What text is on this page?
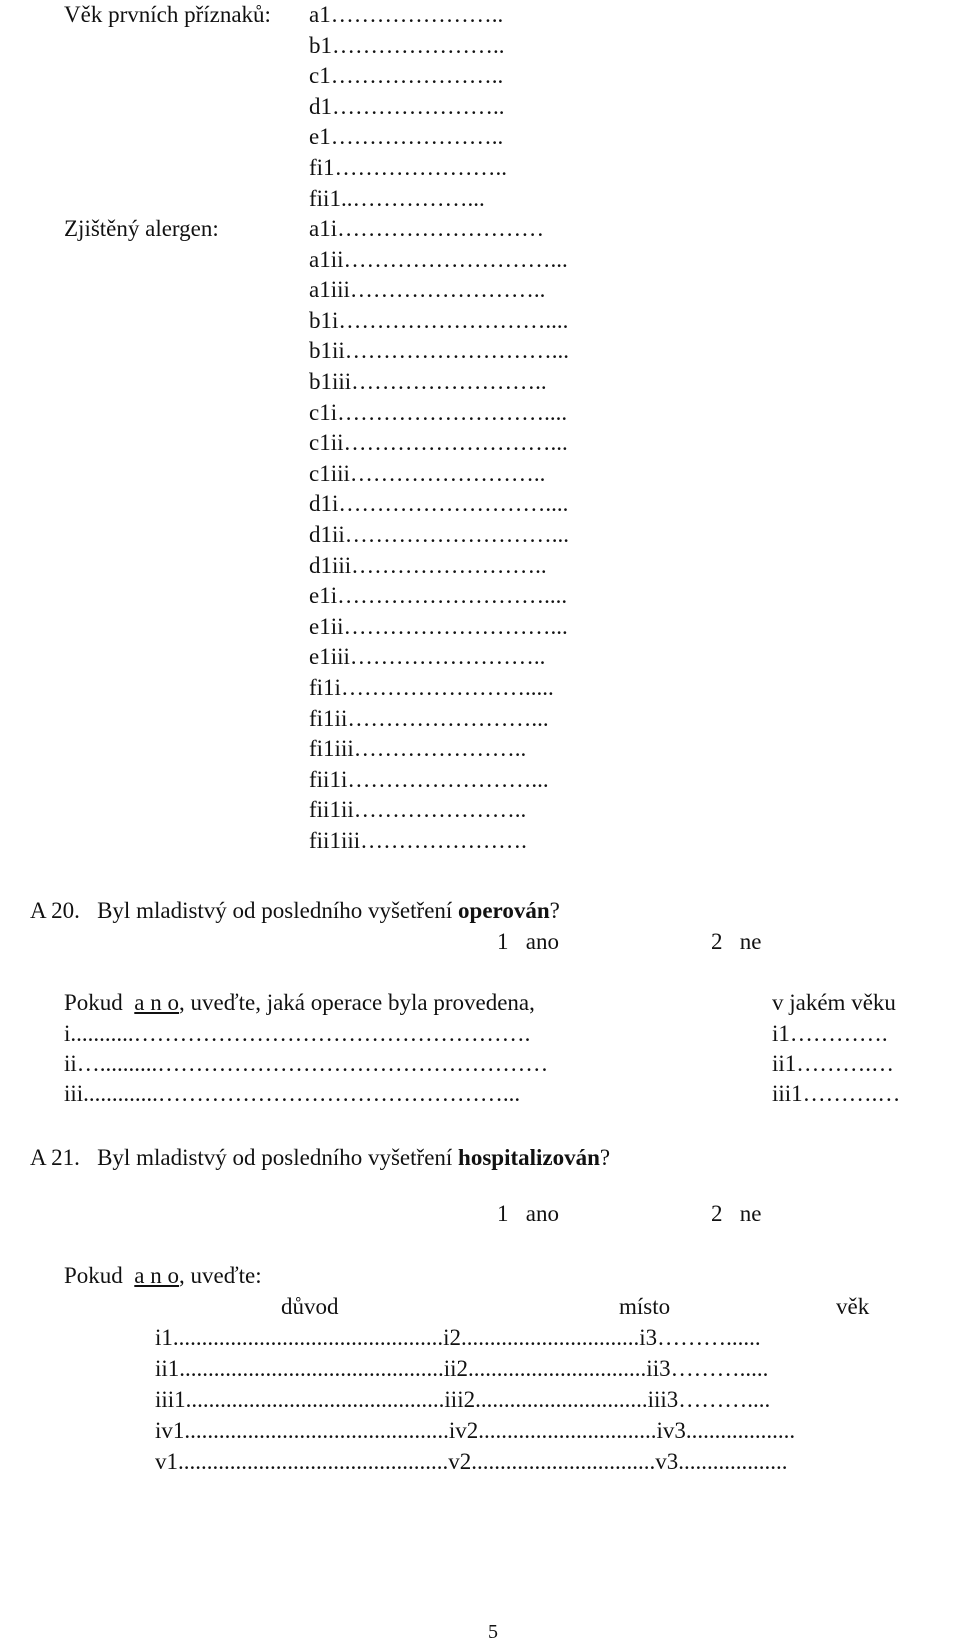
Věk prvních příznaků: a1…………………..
b1…………………..
c1…………………..
d1…………………..
e1…………………..
fi1…………………..
fii1..……………...
Zjištěný alergen:	a1i………………………
a1ii………………………...
a1iii……………………..
b1i………………………....
b1ii………………………...
b1iii……………………..
c1i………………………....
c1ii………………………...
c1iii……………………..
d1i………………………....
d1ii………………………...
d1iii……………………..
e1i………………………....
e1ii………………………...
e1iii……………………..
fi1i…………………….....
fi1ii……………………...
fi1iii…………………..
fii1i……………………...
fii1ii…………………..
fii1iii………………….
A 20. Byl mladistvý od posledního vyšetření operován?
1 ano	2 ne
Pokud a n o, uveďte, jaká operace byla provedena,	v jakém věku
i...........…………………………………………….	i1………….
ii…..........……………………………………………	ii1……….…
iii.............………………………………………...	iii1……….…
A 21. Byl mladistvý od posledního vyšetření hospitalizován?
1 ano	2 ne
Pokud a n o, uveďte:
důvod	místo	věk
i1...............................................i2...............................i3………......
ii1..............................................ii2...............................ii3……….....
iii1.............................................iii2..............................iii3………....
iv1..............................................iv2...............................iv3...................
v1...............................................v2................................v3...................
5
